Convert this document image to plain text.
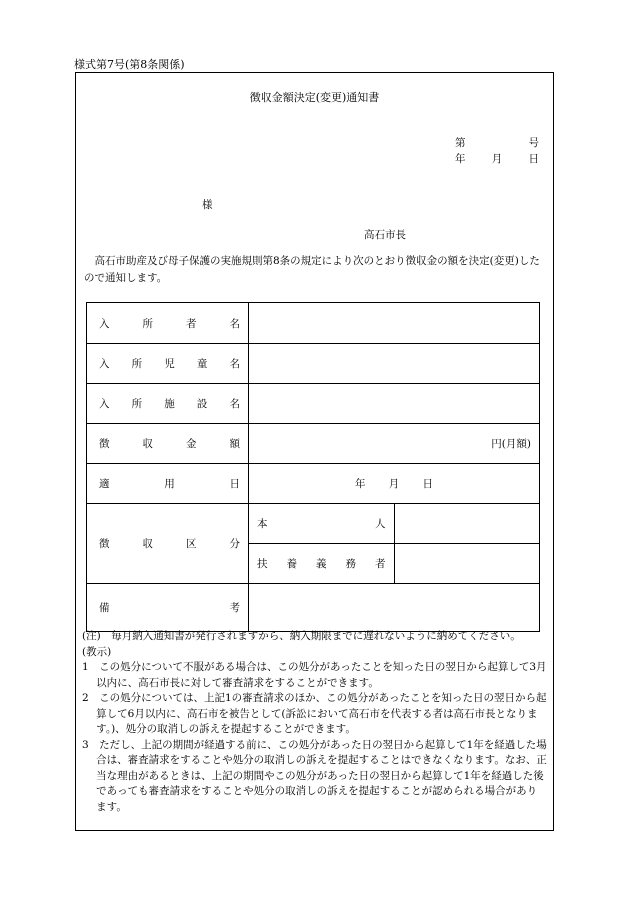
様式第7号(第8条関係)
徴収金額決定(変更)通知書
第	号
年	月	日
様
高石市長
高石市助産及び母子保護の実施規則第8条の規定により次のとおり徴収金の額を決定(変更)したので通知します。
入 所 者 名		

入 所 児 童 名		

入 所 施 設 名		

徴 収 金 額	円(月額)	

適 用 日	年 月 日	

徴 収 区 分	本 人	

	扶 養 義 務 者	

備 考		

(注)　毎月納入通知書が発行されますから、納入期限までに遅れないように納めてください。

(教示)

1　この処分について不服がある場合は、この処分があったことを知った日の翌日から起算して3月以内に、高石市長に対して審査請求をすることができます。

2　この処分については、上記1の審査請求のほか、この処分があったことを知った日の翌日から起算して6月以内に、高石市を被告として(訴訟において高石市を代表する者は高石市長となります。)、処分の取消しの訴えを提起することができます。

3　ただし、上記の期間が経過する前に、この処分があった日の翌日から起算して1年を経過した場合は、審査請求をすることや処分の取消しの訴えを提起することはできなくなります。なお、正当な理由があるときは、上記の期間やこの処分があった日の翌日から起算して1年を経過した後であっても審査請求をすることや処分の取消しの訴えを提起することが認められる場合があります。
